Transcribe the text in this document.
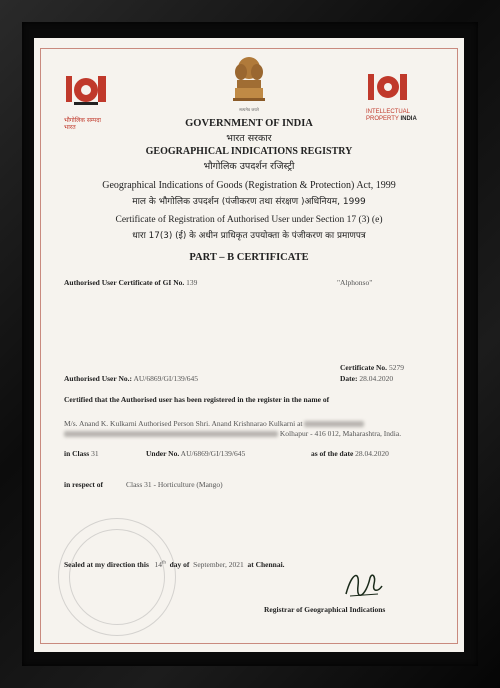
भौगोलिक सम्पदा भारत
सत्यमेव जयते	INTELLECTUAL
PROPERTY INDIA
GOVERNMENT OF INDIA
भारत सरकार
GEOGRAPHICAL INDICATIONS REGISTRY
भौगोलिक उपदर्शन रजिस्ट्री
Geographical Indications of Goods (Registration & Protection) Act, 1999
माल के भौगोलिक उपदर्शन (पंजीकरण तथा संरक्षण )अधिनियम, 1999
Certificate of Registration of Authorised User under Section 17 (3) (e)
धारा 17(3) (ई) के अधीन प्राधिकृत उपयोक्ता के पंजीकरण का प्रमाणपत्र
PART – B CERTIFICATE
Authorised User Certificate of GI No. 139	"Alphonso"
Certificate No. 5279
Authorised User No.: AU/6869/GI/139/645	Date: 28.04.2020
Certified that the Authorised user has been registered in the register in the name of
M/s. Anand K. Kulkarni Authorised Person Shri. Anand Krishnarao Kulkarni at
Kolhapur - 416 012, Maharashtra, India.
in Class 31	Under No. AU/6869/GI/139/645	as of the date 28.04.2020
in respect of	Class 31 - Horticulture (Mango)
Sealed at my direction this 14th day of September, 2021 at Chennai.
Registrar of Geographical Indications
